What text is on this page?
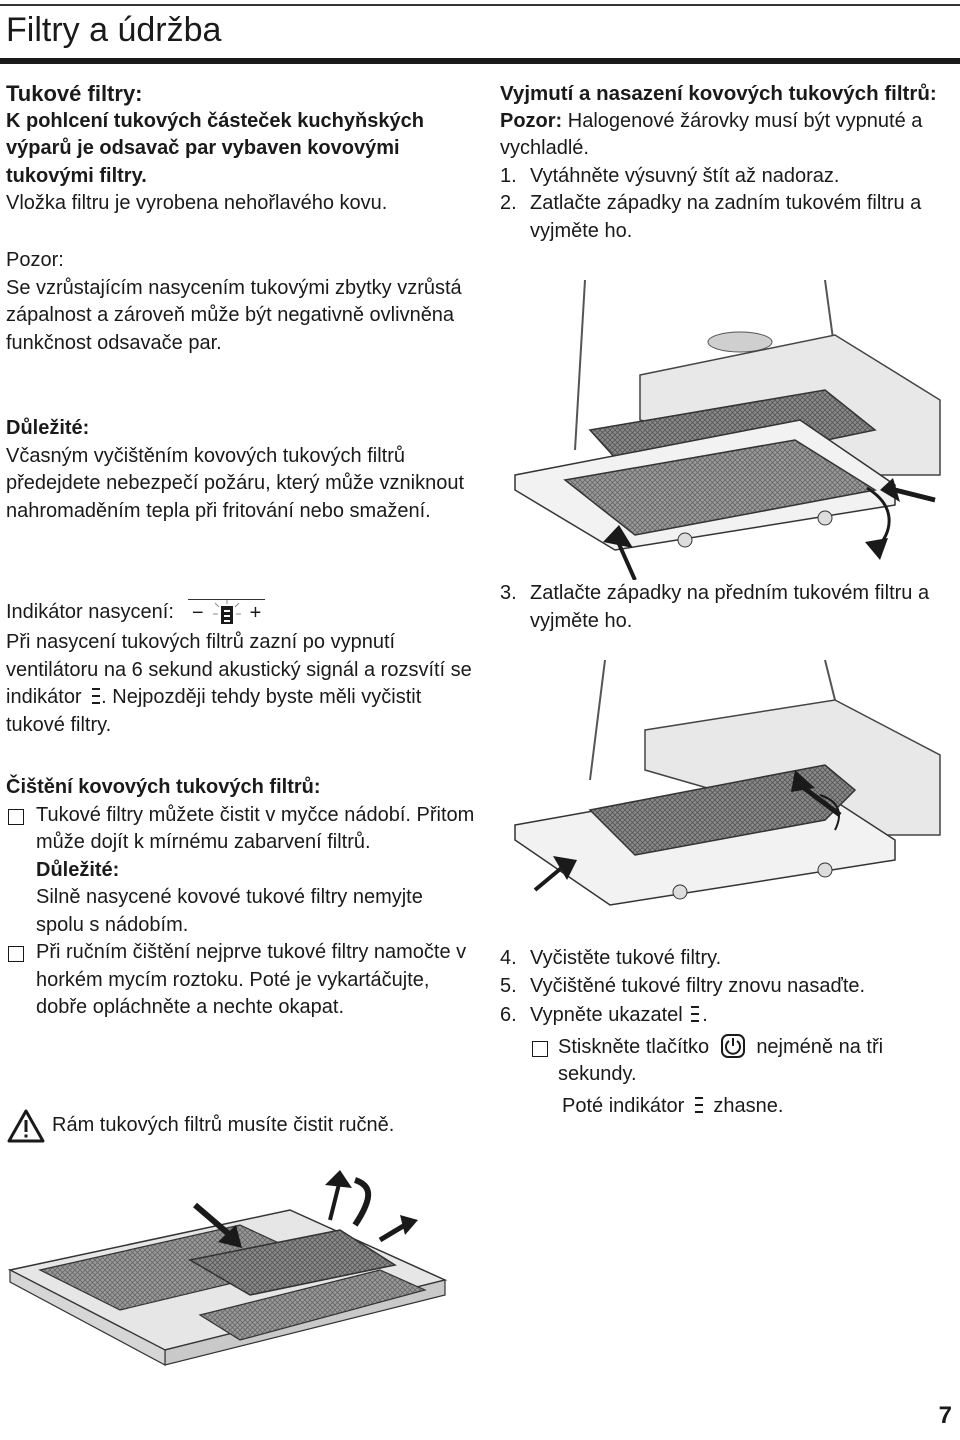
Filtry a údržba

Tukové filtry:

K pohlcení tukových částeček kuchyňských výparů je odsavač par vybaven kovovými tukovými filtry.

Vložka filtru je vyrobena nehořlavého kovu.

Pozor:

Se vzrůstajícím nasycením tukovými zbytky vzrůstá zápalnost a zároveň může být negativně ovlivněna funkčnost odsavače par.

Důležité:

Včasným vyčištěním kovových tukových filtrů předejdete nebezpečí požáru, který může vzniknout nahromaděním tepla při fritování nebo smažení.

Indikátor nasycení: − +

Při nasycení tukových filtrů zazní po vypnutí ventilátoru na 6 sekund akustický signál a rozsvítí se indikátor . Nejpozději tehdy byste měli vyčistit tukové filtry.

Čištění kovových tukových filtrů:

Tukové filtry můžete čistit v myčce nádobí. Přitom může dojít k mírnému zabarvení filtrů.

Důležité:

Silně nasycené kovové tukové filtry nemyjte spolu s nádobím.

Při ručním čištění nejprve tukové filtry namočte v horkém mycím roztoku. Poté je vykartáčujte, dobře opláchněte a nechte okapat.

Rám tukových filtrů musíte čistit ručně.

Vyjmutí a nasazení kovových tukových filtrů:

Pozor: Halogenové žárovky musí být vypnuté a vychladlé.

1. Vytáhněte výsuvný štít až nadoraz.
2. Zatlačte západky na zadním tukovém filtru a vyjměte ho.
3. Zatlačte západky na předním tukovém filtru a vyjměte ho.
4. Vyčistěte tukové filtry.
5. Vyčištěné tukové filtry znovu nasaďte.
6. Vypněte ukazatel .

Stiskněte tlačítko nejméně na tři sekundy.

Poté indikátor zhasne.

7
